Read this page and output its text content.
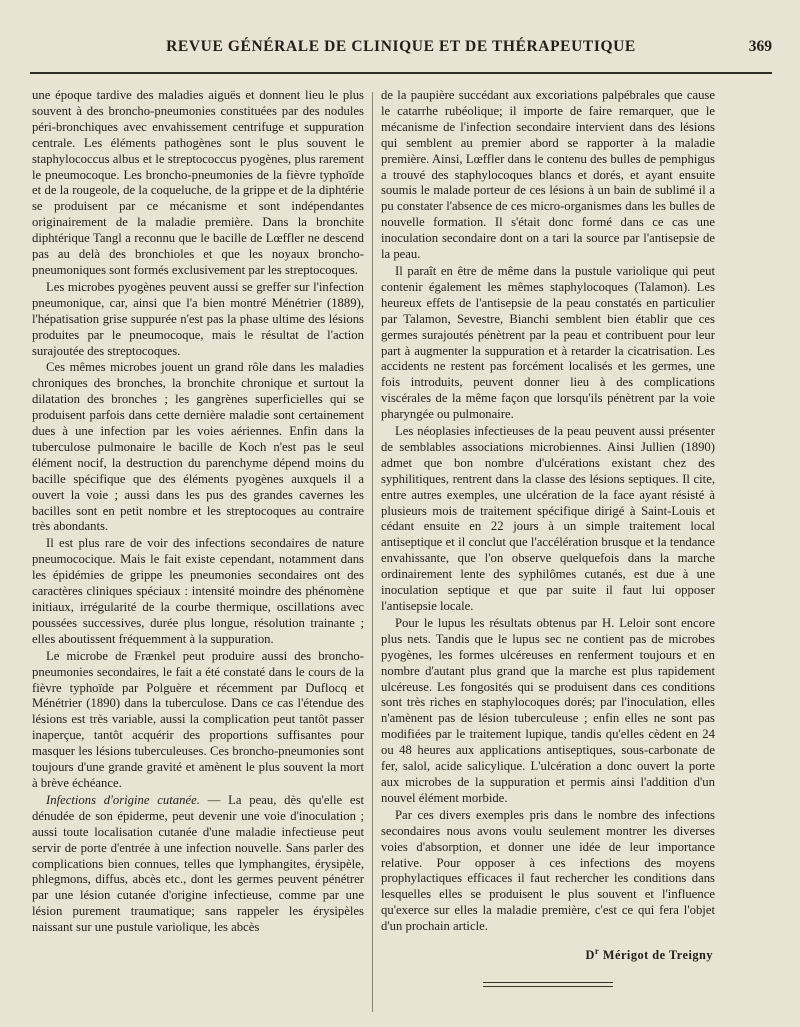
REVUE GÉNÉRALE DE CLINIQUE ET DE THÉRAPEUTIQUE	369

une époque tardive des maladies aiguës et donnent lieu le plus souvent à des broncho-pneumonies constituées par des nodules péri-bronchiques avec envahissement centrifuge et suppuration centrale. Les éléments pathogènes sont le plus souvent le staphylococcus albus et le streptococcus pyogènes, plus rarement le pneumocoque. Les broncho-pneumonies de la fièvre typhoïde et de la rougeole, de la coqueluche, de la grippe et de la diphtérie se produisent par ce mécanisme et sont indépendantes originairement de la maladie première. Dans la bronchite diphtérique Tangl a reconnu que le bacille de Lœffler ne descend pas au delà des bronchioles et que les noyaux broncho-pneumoniques sont formés exclusivement par les streptocoques.

Les microbes pyogènes peuvent aussi se greffer sur l'infection pneumonique, car, ainsi que l'a bien montré Ménétrier (1889), l'hépatisation grise suppurée n'est pas la phase ultime des lésions produites par le pneumocoque, mais le résultat de l'action surajoutée des streptocoques.

Ces mêmes microbes jouent un grand rôle dans les maladies chroniques des bronches, la bronchite chronique et surtout la dilatation des bronches ; les gangrènes superficielles qui se produisent parfois dans cette dernière maladie sont certainement dues à une infection par les voies aériennes. Enfin dans la tuberculose pulmonaire le bacille de Koch n'est pas le seul élément nocif, la destruction du parenchyme dépend moins du bacille spécifique que des éléments pyogènes auxquels il a ouvert la voie ; aussi dans les pus des grandes cavernes les bacilles sont en petit nombre et les streptocoques au contraire très abondants.

Il est plus rare de voir des infections secondaires de nature pneumococique. Mais le fait existe cependant, notamment dans les épidémies de grippe les pneumonies secondaires ont des caractères cliniques spéciaux : intensité moindre des phénomène initiaux, irrégularité de la courbe thermique, oscillations avec poussées successives, durée plus longue, résolution trainante ; elles aboutissent fréquemment à la suppuration.

Le microbe de Frænkel peut produire aussi des broncho-pneumonies secondaires, le fait a été constaté dans le cours de la fièvre typhoïde par Polguère et récemment par Duflocq et Ménétrier (1890) dans la tuberculose. Dans ce cas l'étendue des lésions est très variable, aussi la complication peut tantôt passer inaperçue, tantôt acquérir des proportions suffisantes pour masquer les lésions tuberculeuses. Ces broncho-pneumonies sont toujours d'une grande gravité et amènent le plus souvent la mort à brève échéance.

Infections d'origine cutanée. — La peau, dès qu'elle est dénudée de son épiderme, peut devenir une voie d'inoculation ; aussi toute localisation cutanée d'une maladie infectieuse peut servir de porte d'entrée à une infection nouvelle. Sans parler des complications bien connues, telles que lymphangites, érysipèle, phlegmons, diffus, abcès etc., dont les germes peuvent pénétrer par une lésion cutanée d'origine infectieuse, comme par une lésion purement traumatique; sans rappeler les érysipèles naissant sur une pustule variolique, les abcès

de la paupière succédant aux excoriations palpébrales que cause le catarrhe rubéolique; il importe de faire remarquer, que le mécanisme de l'infection secondaire intervient dans des lésions qui semblent au premier abord se rapporter à la maladie première. Ainsi, Lœffler dans le contenu des bulles de pemphigus a trouvé des staphylocoques blancs et dorés, et ayant ensuite soumis le malade porteur de ces lésions à un bain de sublimé il a pu constater l'absence de ces micro-organismes dans les bulles de nouvelle formation. Il s'était donc formé dans ce cas une inoculation secondaire dont on a tari la source par l'antisepsie de la peau.

Il paraît en être de même dans la pustule variolique qui peut contenir également les mêmes staphylocoques (Talamon). Les heureux effets de l'antisepsie de la peau constatés en particulier par Talamon, Sevestre, Bianchi semblent bien établir que ces germes surajoutés pénètrent par la peau et contribuent pour leur part à augmenter la suppuration et à retarder la cicatrisation. Les accidents ne restent pas forcément localisés et les germes, une fois introduits, peuvent donner lieu à des complications viscérales de la même façon que lorsqu'ils pénètrent par la voie pharyngée ou pulmonaire.

Les néoplasies infectieuses de la peau peuvent aussi présenter de semblables associations microbiennes. Ainsi Jullien (1890) admet que bon nombre d'ulcérations existant chez des syphilitiques, rentrent dans la classe des lésions septiques. Il cite, entre autres exemples, une ulcération de la face ayant résisté à plusieurs mois de traitement spécifique dirigé à Saint-Louis et cédant ensuite en 22 jours à un simple traitement local antiseptique et il conclut que l'accélération brusque et la tendance envahissante, que l'on observe quelquefois dans la marche ordinairement lente des syphilômes cutanés, est due à une inoculation septique et que par suite il faut lui opposer l'antisepsie locale.

Pour le lupus les résultats obtenus par H. Leloir sont encore plus nets. Tandis que le lupus sec ne contient pas de microbes pyogènes, les formes ulcéreuses en renferment toujours et en nombre d'autant plus grand que la marche est plus rapidement ulcéreuse. Les fongosités qui se produisent dans ces conditions sont très riches en staphylocoques dorés; par l'inoculation, elles n'amènent pas de lésion tuberculeuse ; enfin elles ne sont pas modifiées par le traitement lupique, tandis qu'elles cèdent en 24 ou 48 heures aux applications antiseptiques, sous-carbonate de fer, salol, acide salicylique. L'ulcération a donc ouvert la porte aux microbes de la suppuration et permis ainsi l'addition d'un nouvel élément morbide.

Par ces divers exemples pris dans le nombre des infections secondaires nous avons voulu seulement montrer les diverses voies d'absorption, et donner une idée de leur importance relative. Pour opposer à ces infections des moyens prophylactiques efficaces il faut rechercher les conditions dans lesquelles elles se produisent le plus souvent et l'influence qu'exerce sur elles la maladie première, c'est ce qui fera l'objet d'un prochain article.

$D^r$ Mérigot de Treigny
